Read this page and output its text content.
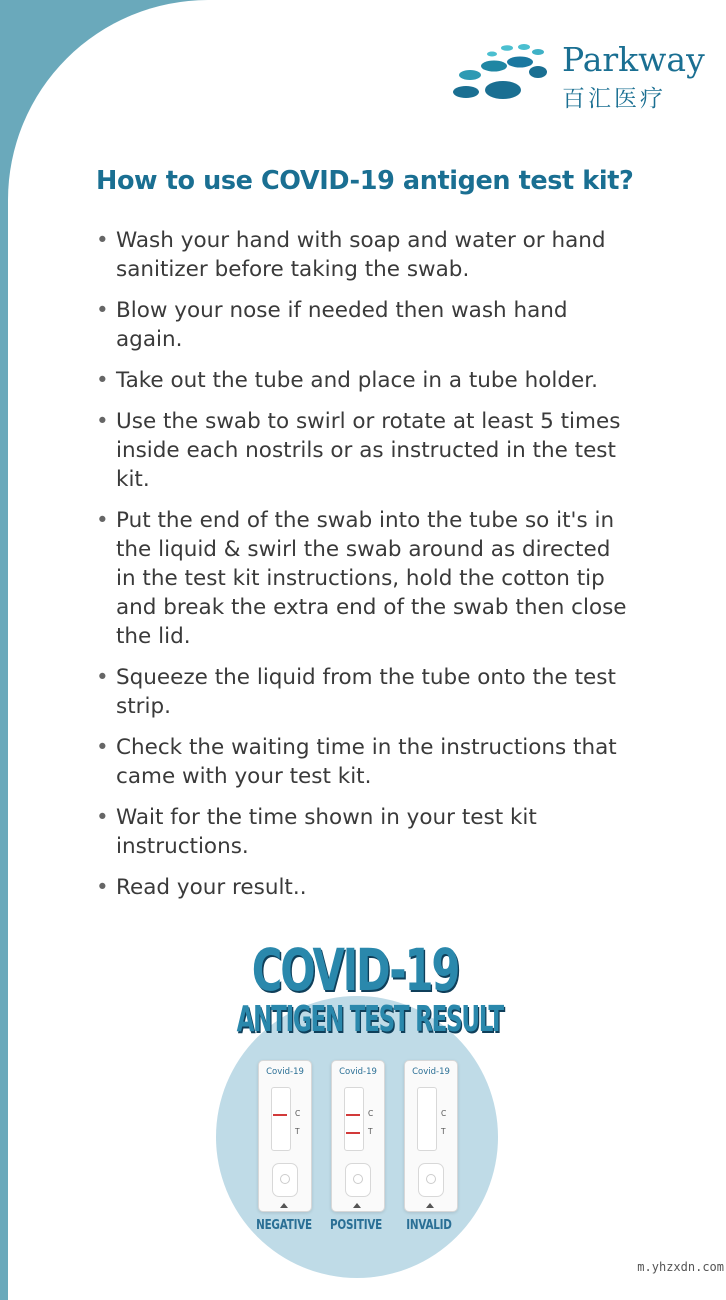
Parkway
百汇医疗
How to use COVID-19 antigen test kit?
• Wash your hand with soap and water or hand
sanitizer before taking the swab.
• Blow your nose if needed then wash hand
again.
• Take out the tube and place in a tube holder.
• Use the swab to swirl or rotate at least 5 times
inside each nostrils or as instructed in the test
kit.
• Put the end of the swab into the tube so it's in
the liquid & swirl the swab around as directed
in the test kit instructions, hold the cotton tip
and break the extra end of the swab then close
the lid.
• Squeeze the liquid from the tube onto the test
strip.
• Check the waiting time in the instructions that
came with your test kit.
• Wait for the time shown in your test kit
instructions.
• Read your result..
COVID-19
ANTIGEN TEST RESULT
Covid-19
C
T
NEGATIVE
Covid-19
C
T
POSITIVE
Covid-19
C
T
INVALID
m.yhzxdn.com
